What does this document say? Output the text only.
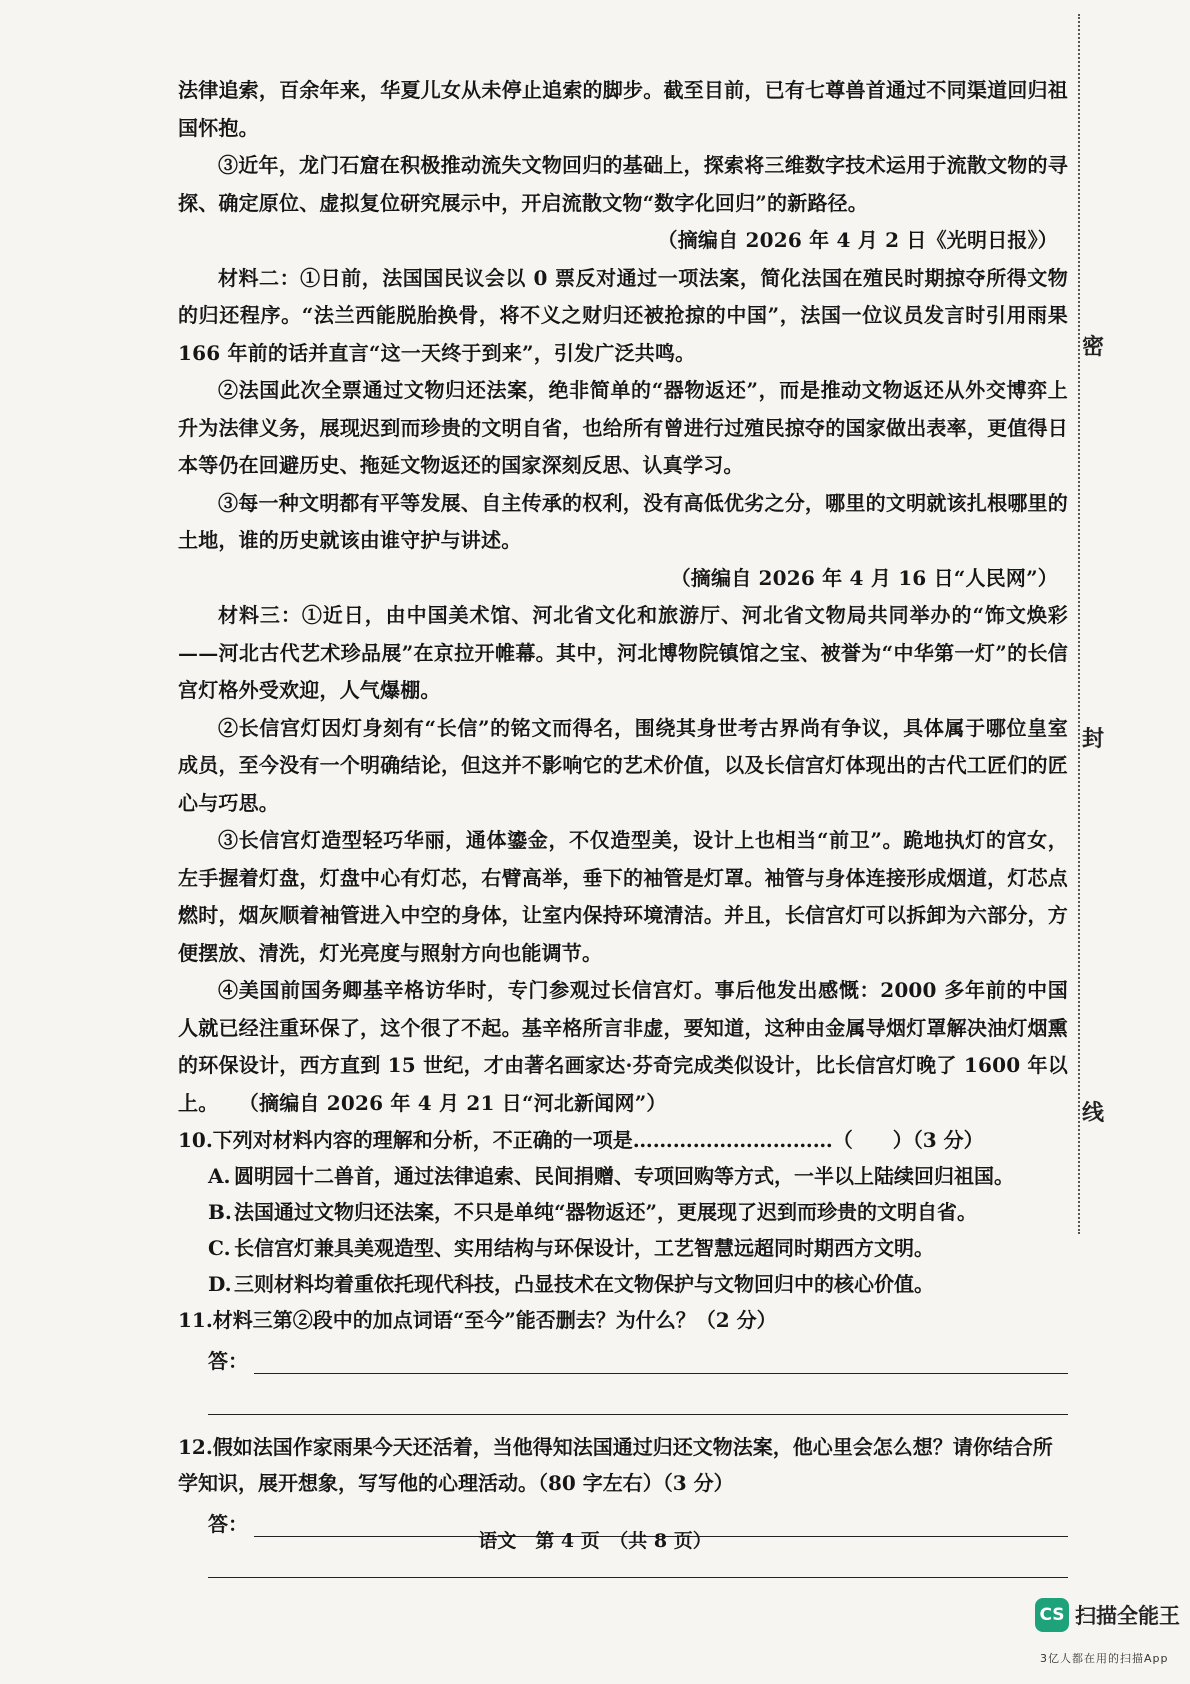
密
封
线

法律追索，百余年来，华夏儿女从未停止追索的脚步。截至目前，已有七尊兽首通过不同渠道回归祖国怀抱。

③近年，龙门石窟在积极推动流失文物回归的基础上，探索将三维数字技术运用于流散文物的寻探、确定原位、虚拟复位研究展示中，开启流散文物“数字化回归”的新路径。

（摘编自 2026 年 4 月 2 日《光明日报》）

材料二：①日前，法国国民议会以 0 票反对通过一项法案，简化法国在殖民时期掠夺所得文物的归还程序。“法兰西能脱胎换骨，将不义之财归还被抢掠的中国”，法国一位议员发言时引用雨果 166 年前的话并直言“这一天终于到来”，引发广泛共鸣。

②法国此次全票通过文物归还法案，绝非简单的“器物返还”，而是推动文物返还从外交博弈上升为法律义务，展现迟到而珍贵的文明自省，也给所有曾进行过殖民掠夺的国家做出表率，更值得日本等仍在回避历史、拖延文物返还的国家深刻反思、认真学习。

③每一种文明都有平等发展、自主传承的权利，没有高低优劣之分，哪里的文明就该扎根哪里的土地，谁的历史就该由谁守护与讲述。

（摘编自 2026 年 4 月 16 日“人民网”）

材料三：①近日，由中国美术馆、河北省文化和旅游厅、河北省文物局共同举办的“饰文焕彩——河北古代艺术珍品展”在京拉开帷幕。其中，河北博物院镇馆之宝、被誉为“中华第一灯”的长信宫灯格外受欢迎，人气爆棚。

②长信宫灯因灯身刻有“长信”的铭文而得名，围绕其身世考古界尚有争议，具体属于哪位皇室成员，至今没有一个明确结论，但这并不影响它的艺术价值，以及长信宫灯体现出的古代工匠们的匠心与巧思。

③长信宫灯造型轻巧华丽，通体鎏金，不仅造型美，设计上也相当“前卫”。跪地执灯的宫女，左手握着灯盘，灯盘中心有灯芯，右臂高举，垂下的袖管是灯罩。袖管与身体连接形成烟道，灯芯点燃时，烟灰顺着袖管进入中空的身体，让室内保持环境清洁。并且，长信宫灯可以拆卸为六部分，方便摆放、清洗，灯光亮度与照射方向也能调节。

④美国前国务卿基辛格访华时，专门参观过长信宫灯。事后他发出感慨：2000 多年前的中国人就已经注重环保了，这个很了不起。基辛格所言非虚，要知道，这种由金属导烟灯罩解决油灯烟熏的环保设计，西方直到 15 世纪，才由著名画家达·芬奇完成类似设计，比长信宫灯晚了 1600 年以上。　　（摘编自 2026 年 4 月 21 日“河北新闻网”）

10.下列对材料内容的理解和分析，不正确的一项是…………………………（　　）（3 分）

A. 圆明园十二兽首，通过法律追索、民间捐赠、专项回购等方式，一半以上陆续回归祖国。

B. 法国通过文物归还法案，不只是单纯“器物返还”，更展现了迟到而珍贵的文明自省。

C. 长信宫灯兼具美观造型、实用结构与环保设计，工艺智慧远超同时期西方文明。

D. 三则材料均着重依托现代科技，凸显技术在文物保护与文物回归中的核心价值。

11.材料三第②段中的加点词语“至今”能否删去？为什么？（2 分）

答：

12.假如法国作家雨果今天还活着，当他得知法国通过归还文物法案，他心里会怎么想？请你结合所学知识，展开想象，写写他的心理活动。（80 字左右）（3 分）

答：
语文　第 4 页　（共 8 页）
CS 扫描全能王
3亿人都在用的扫描App
